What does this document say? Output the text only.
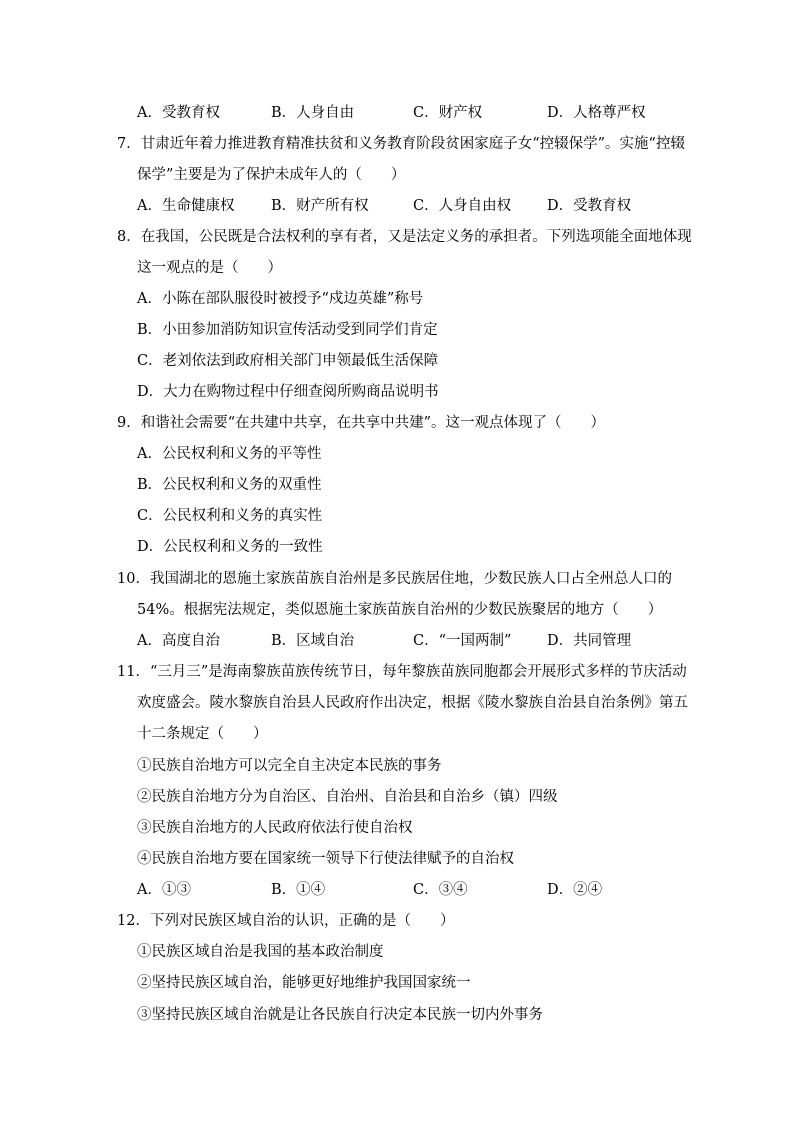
A．受教育权	B．人身自由	C．财产权	D．人格尊严权
7．甘肃近年着力推进教育精准扶贫和义务教育阶段贫困家庭子女“控辍保学”。实施“控辍
保学”主要是为了保护未成年人的（　　）
A．生命健康权	B．财产所有权	C．人身自由权 D．受教育权
8．在我国，公民既是合法权利的享有者，又是法定义务的承担者。下列选项能全面地体现
这一观点的是（　　）
A．小陈在部队服役时被授予“戍边英雄”称号
B．小田参加消防知识宣传活动受到同学们肯定
C．老刘依法到政府相关部门申领最低生活保障
D．大力在购物过程中仔细查阅所购商品说明书
9．和谐社会需要“在共建中共享，在共享中共建”。这一观点体现了（　　）
A．公民权利和义务的平等性
B．公民权利和义务的双重性
C．公民权利和义务的真实性
D．公民权利和义务的一致性
10．我国湖北的恩施土家族苗族自治州是多民族居住地，少数民族人口占全州总人口的
54%。根据宪法规定，类似恩施土家族苗族自治州的少数民族聚居的地方（　　）
A．高度自治	B．区域自治	C．“一国两制” D．共同管理
11．“三月三”是海南黎族苗族传统节日，每年黎族苗族同胞都会开展形式多样的节庆活动
欢度盛会。陵水黎族自治县人民政府作出决定，根据《陵水黎族自治县自治条例》第五
十二条规定（　　）
①民族自治地方可以完全自主决定本民族的事务
②民族自治地方分为自治区、自治州、自治县和自治乡（镇）四级
③民族自治地方的人民政府依法行使自治权
④民族自治地方要在国家统一领导下行使法律赋予的自治权
A．①③	B．①④	C．③④	D．②④
12．下列对民族区域自治的认识，正确的是（　　）
①民族区域自治是我国的基本政治制度
②坚持民族区域自治，能够更好地维护我国国家统一
③坚持民族区域自治就是让各民族自行决定本民族一切内外事务
